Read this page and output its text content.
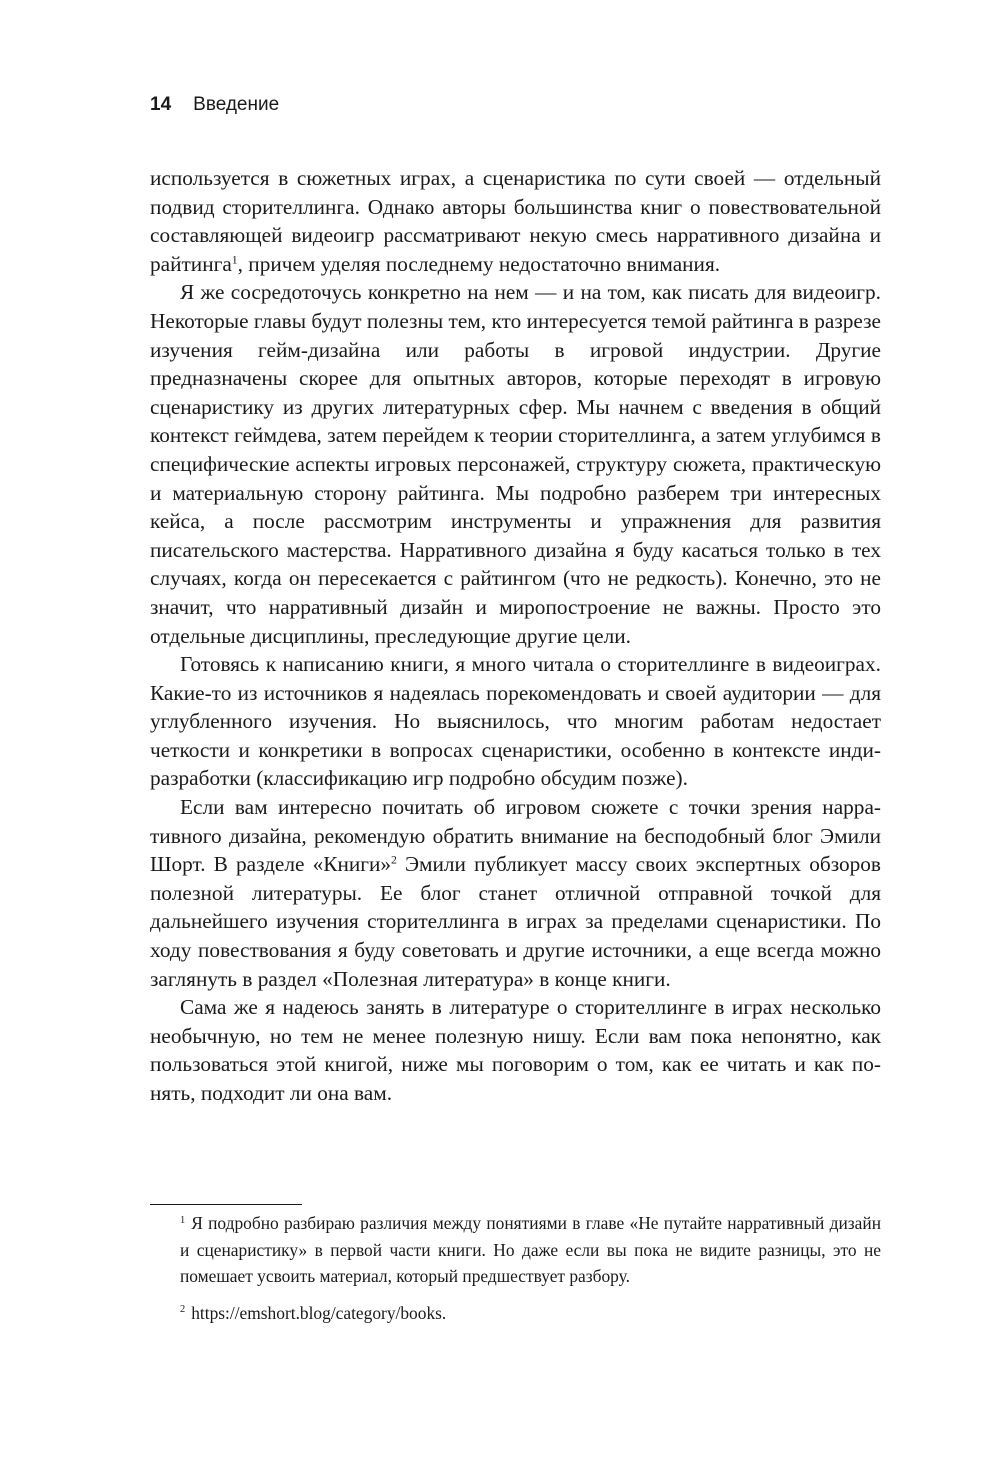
14 Введение

используется в сюжетных играх, а сценаристика по сути своей — отдельный подвид сторителлинга. Однако авторы большинства книг о повествовательной составляющей видеоигр рассматривают некую смесь нарративного дизайна и райтинга$^1$, причем уделяя последнему недостаточно внимания.

Я же сосредоточусь конкретно на нем — и на том, как писать для видеоигр. Некоторые главы будут полезны тем, кто интересуется темой райтинга в разрезе изучения гейм-дизайна или работы в игровой индустрии. Другие предназначены скорее для опытных авторов, которые переходят в игровую сценаристику из других литературных сфер. Мы начнем с введения в общий контекст геймдева, затем перейдем к теории сторителлинга, а затем углубимся в специфические аспекты игровых персонажей, структуру сюжета, практическую и материальную сторону райтинга. Мы подробно разберем три интересных кейса, а после рассмотрим инструменты и упражнения для развития писательского мастерства. Нарративного дизайна я буду касаться только в тех случаях, когда он пересекается с райтингом (что не редкость). Конечно, это не значит, что нарративный дизайн и миропостроение не важны. Просто это отдельные дисциплины, преследующие другие цели.

Готовясь к написанию книги, я много читала о сторителлинге в видеоиграх. Какие-то из источников я надеялась порекомендовать и своей аудитории — для углубленного изучения. Но выяснилось, что многим работам недостает четкости и конкретики в вопросах сценаристики, особенно в контексте инди-разработки (классификацию игр подробно обсудим позже).

Если вам интересно почитать об игровом сюжете с точки зрения нарративного дизайна, рекомендую обратить внимание на бесподобный блог Эмили Шорт. В разделе «Книги»$^2$ Эмили публикует массу своих экспертных обзоров полезной литературы. Ее блог станет отличной отправной точкой для дальнейшего изучения сторителлинга в играх за пределами сценаристики. По ходу повествования я буду советовать и другие источники, а еще всегда можно заглянуть в раздел «Полезная литература» в конце книги.

Сама же я надеюсь занять в литературе о сторителлинге в играх несколько необычную, но тем не менее полезную нишу. Если вам пока непонятно, как пользоваться этой книгой, ниже мы поговорим о том, как ее читать и как понять, подходит ли она вам.

$^1$ Я подробно разбираю различия между понятиями в главе «Не путайте нарративный дизайн и сценаристику» в первой части книги. Но даже если вы пока не видите разницы, это не помешает усвоить материал, который предшествует разбору.

$^2$ https://emshort.blog/category/books.
